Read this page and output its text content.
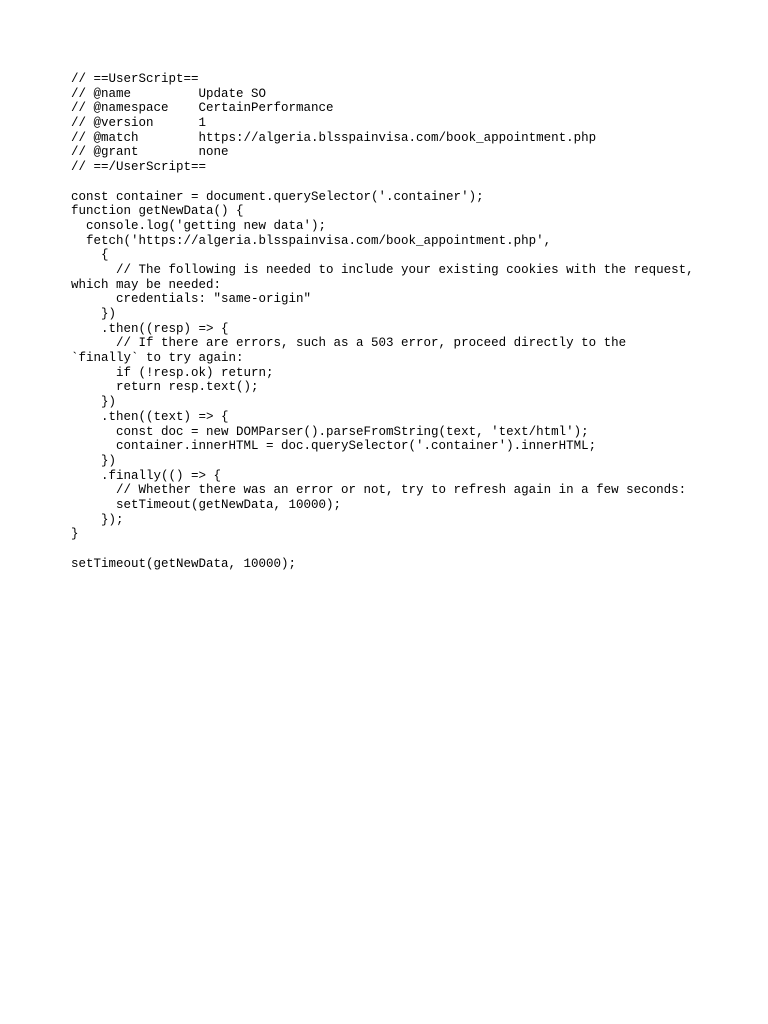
// ==UserScript==
// @name         Update SO
// @namespace    CertainPerformance
// @version      1
// @match        https://algeria.blsspainvisa.com/book_appointment.php
// @grant        none
// ==/UserScript==

const container = document.querySelector('.container');
function getNewData() {
console.log('getting new data');
fetch('https://algeria.blsspainvisa.com/book_appointment.php',
{
// The following is needed to include your existing cookies with the request,
which may be needed:
credentials: "same-origin"
})
.then((resp) => {
// If there are errors, such as a 503 error, proceed directly to the
`finally` to try again:
if (!resp.ok) return;
return resp.text();
})
.then((text) => {
const doc = new DOMParser().parseFromString(text, 'text/html');
container.innerHTML = doc.querySelector('.container').innerHTML;
})
.finally(() => {
// Whether there was an error or not, try to refresh again in a few seconds:
setTimeout(getNewData, 10000);
});
}

setTimeout(getNewData, 10000);
